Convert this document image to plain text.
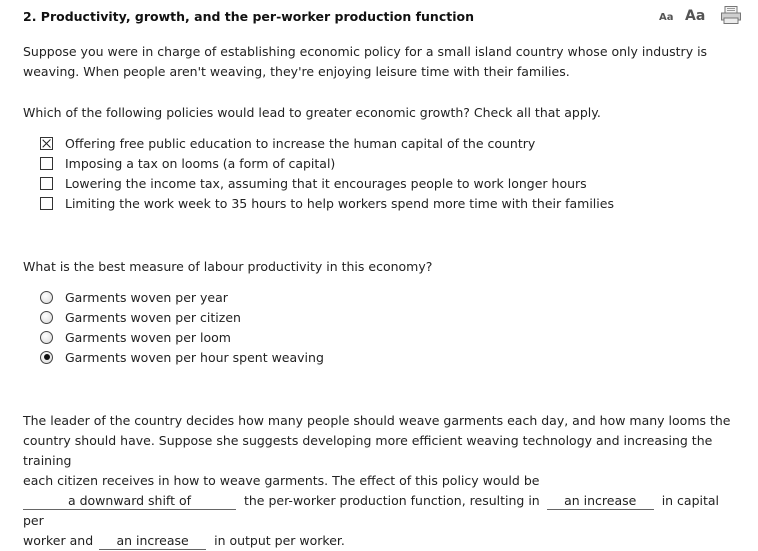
2. Productivity, growth, and the per-worker production function	Aa Aa
Suppose you were in charge of establishing economic policy for a small island country whose only industry is
weaving. When people aren't weaving, they're enjoying leisure time with their families.
Which of the following policies would lead to greater economic growth? Check all that apply.
Offering free public education to increase the human capital of the country
Imposing a tax on looms (a form of capital)
Lowering the income tax, assuming that it encourages people to work longer hours
Limiting the work week to 35 hours to help workers spend more time with their families
What is the best measure of labour productivity in this economy?
Garments woven per year
Garments woven per citizen
Garments woven per loom
Garments woven per hour spent weaving
The leader of the country decides how many people should weave garments each day, and how many looms the
country should have. Suppose she suggests developing more efficient weaving technology and increasing the training
each citizen receives in how to weave garments. The effect of this policy would be
a downward shift of	the per-worker production function, resulting in an increase in capital per
worker and an increase in output per worker.
